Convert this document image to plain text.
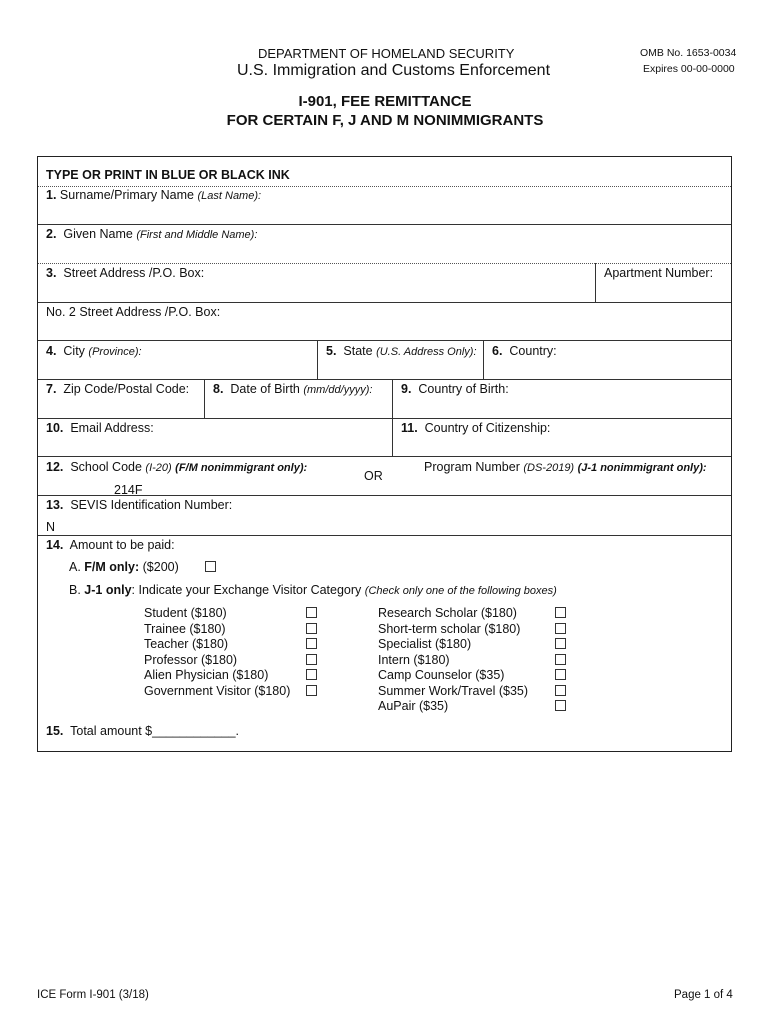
DEPARTMENT OF HOMELAND SECURITY
U.S. Immigration and Customs Enforcement
OMB No. 1653-0034
Expires 00-00-0000
I-901, FEE REMITTANCE
FOR CERTAIN F, J AND M NONIMMIGRANTS
TYPE OR PRINT IN BLUE OR BLACK INK
1. Surname/Primary Name (Last Name):
2. Given Name (First and Middle Name):
3. Street Address /P.O. Box:	Apartment Number:
No. 2 Street Address /P.O. Box:
4. City (Province):	5. State (U.S. Address Only): 6. Country:
7. Zip Code/Postal Code: 8. Date of Birth (mm/dd/yyyy): 9. Country of Birth:
10. Email Address:	11. Country of Citizenship:
12. School Code (I-20) (F/M nonimmigrant only):
214F
OR
Program Number (DS-2019) (J-1 nonimmigrant only):
13. SEVIS Identification Number:
N
14. Amount to be paid:
A. F/M only: ($200)
B. J-1 only: Indicate your Exchange Visitor Category (Check only one of the following boxes)
Student ($180)
Trainee ($180)
Teacher ($180)
Professor ($180)
Alien Physician ($180)
Government Visitor ($180)
Research Scholar ($180)
Short-term scholar ($180)
Specialist ($180)
Intern ($180)
Camp Counselor ($35)
Summer Work/Travel ($35)
AuPair ($35)
15. Total amount $____________.
ICE Form I-901 (3/18)	Page 1 of 4
